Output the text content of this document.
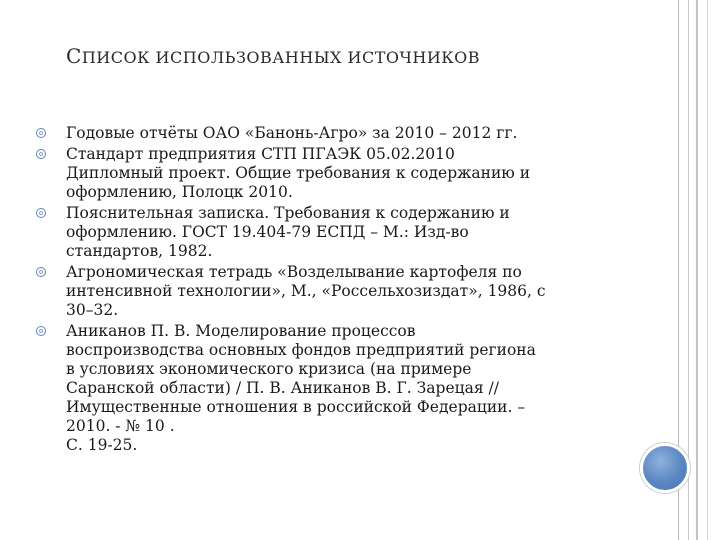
СПИСОК ИСПОЛЬЗОВАННЫХ ИСТОЧНИКОВ
Годовые отчёты ОАО «Банонь-Агро» за 2010 – 2012 гг.
Стандарт предприятия СТП ПГАЭК 05.02.2010
Дипломный проект. Общие требования к содержанию и
оформлению, Полоцк 2010.
Пояснительная записка. Требования к содержанию и
оформлению. ГОСТ 19.404-79 ЕСПД – М.: Изд-во
стандартов, 1982.
Агрономическая тетрадь «Возделывание картофеля по
интенсивной технологии», М., «Россельхозиздат», 1986, с
30–32.
Аниканов П. В. Моделирование процессов
воспроизводства основных фондов предприятий региона
в условиях экономического кризиса (на примере
Саранской области) / П. В. Аниканов В. Г. Зарецая //
Имущественные отношения в российской Федерации. –
2010. - № 10 .
С. 19-25.
